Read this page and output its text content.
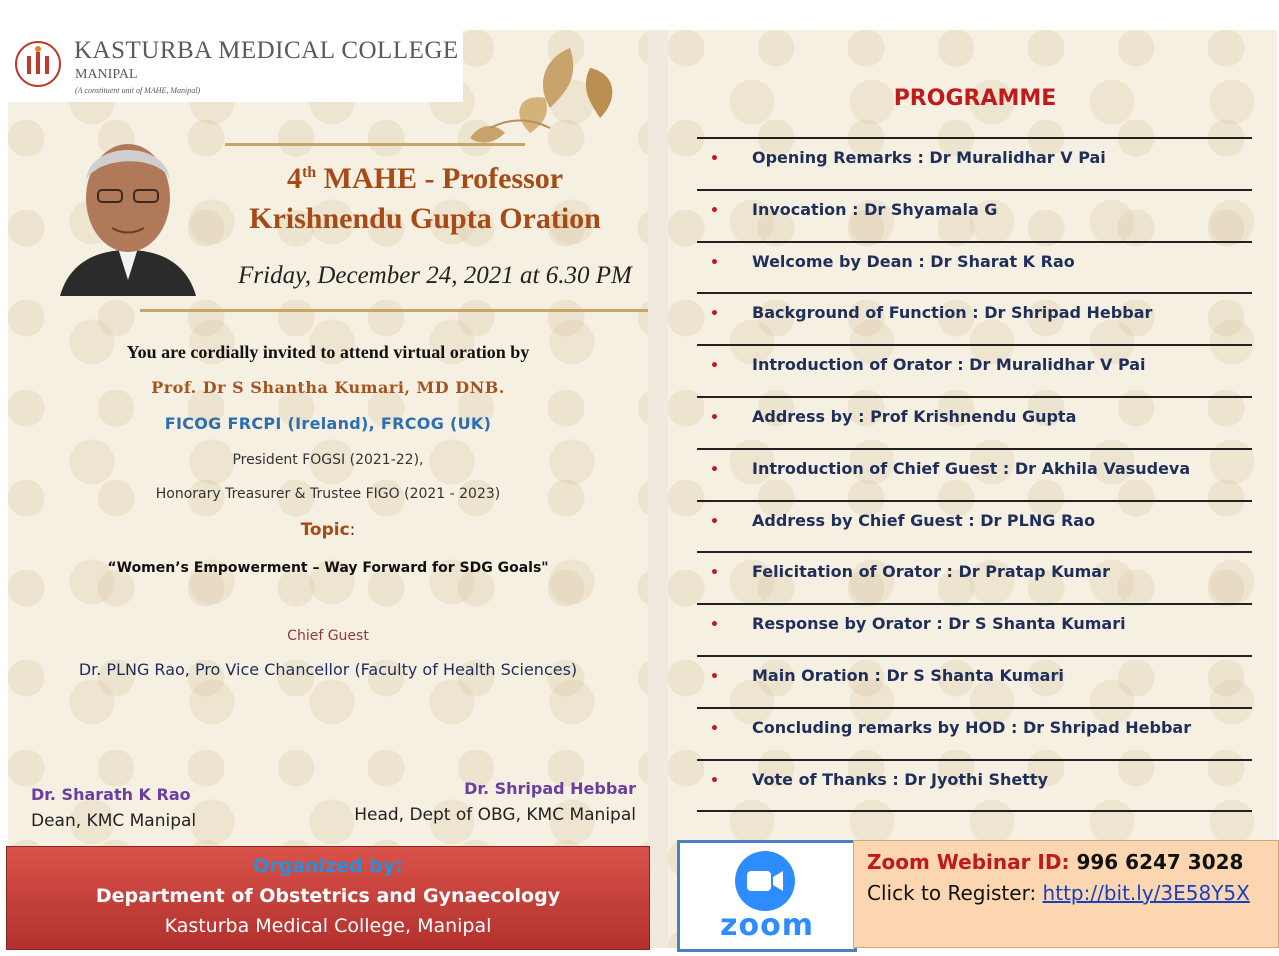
KASTURBA MEDICAL COLLEGE
MANIPAL
(A constituent unit of MAHE, Manipal)
4th MAHE - Professor
Krishnendu Gupta Oration
Friday, December 24, 2021 at 6.30 PM
You are cordially invited to attend virtual oration by
Prof. Dr S Shantha Kumari, MD DNB.
FICOG FRCPI (Ireland), FRCOG (UK)
President FOGSI (2021-22),
Honorary Treasurer & Trustee FIGO (2021 - 2023)
Topic:
“Women’s Empowerment – Way Forward for SDG Goals"
Chief Guest
Dr. PLNG Rao, Pro Vice Chancellor (Faculty of Health Sciences)
Dr. Sharath K Rao
Dean, KMC Manipal
Dr. Shripad Hebbar
Head, Dept of OBG, KMC Manipal
Organized by:
Department of Obstetrics and Gynaecology
Kasturba Medical College, Manipal
PROGRAMME
• Opening Remarks : Dr Muralidhar V Pai
• Invocation : Dr Shyamala G
• Welcome by Dean : Dr Sharat K Rao
• Background of Function : Dr Shripad Hebbar
• Introduction of Orator : Dr Muralidhar V Pai
• Address by : Prof Krishnendu Gupta
• Introduction of Chief Guest : Dr Akhila Vasudeva
• Address by Chief Guest : Dr PLNG Rao
• Felicitation of Orator : Dr Pratap Kumar
• Response by Orator : Dr S Shanta Kumari
• Main Oration : Dr S Shanta Kumari
• Concluding remarks by HOD : Dr Shripad Hebbar
• Vote of Thanks : Dr Jyothi Shetty
zoom
Zoom Webinar ID: 996 6247 3028
Click to Register: http://bit.ly/3E58Y5X
